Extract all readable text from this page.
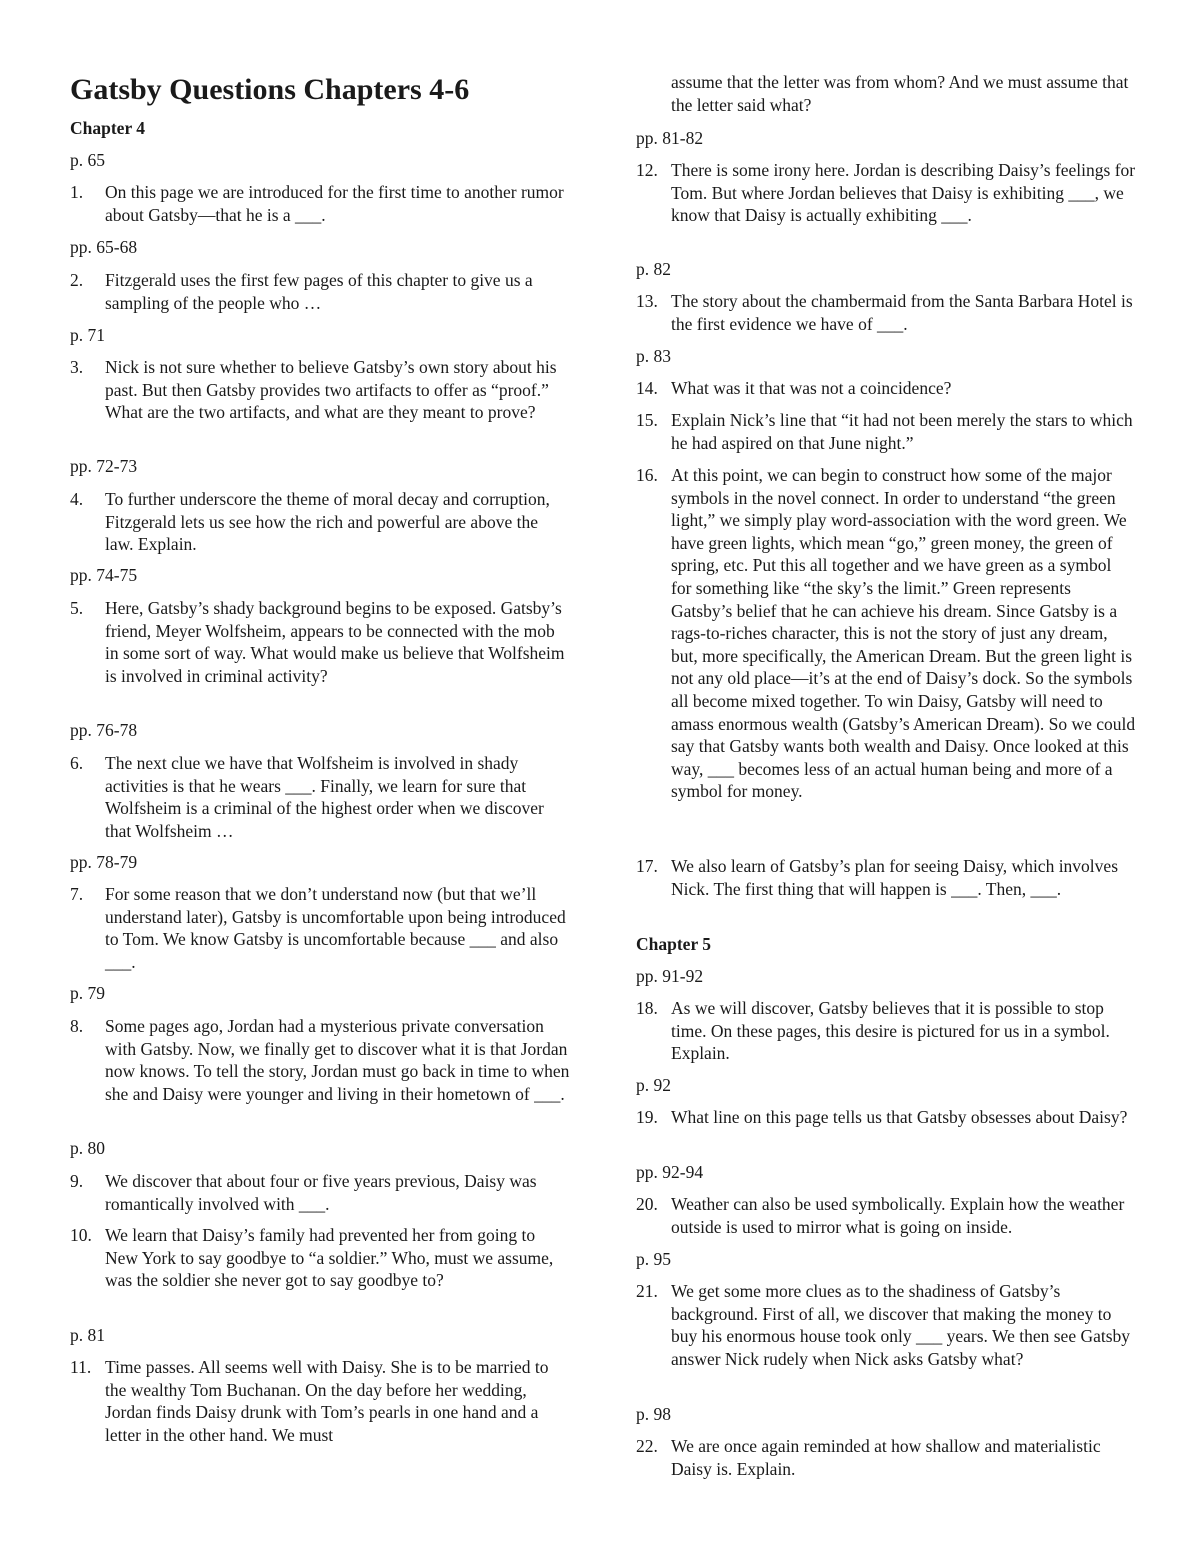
Gatsby Questions Chapters 4-6
Chapter 4
p. 65
1. On this page we are introduced for the first time to another rumor about Gatsby—that he is a ___.
pp. 65-68
2. Fitzgerald uses the first few pages of this chapter to give us a sampling of the people who …
p. 71
3. Nick is not sure whether to believe Gatsby’s own story about his past. But then Gatsby provides two artifacts to offer as “proof.” What are the two artifacts, and what are they meant to prove?
pp. 72-73
4. To further underscore the theme of moral decay and corruption, Fitzgerald lets us see how the rich and powerful are above the law. Explain.
pp. 74-75
5. Here, Gatsby’s shady background begins to be exposed. Gatsby’s friend, Meyer Wolfsheim, appears to be connected with the mob in some sort of way. What would make us believe that Wolfsheim is involved in criminal activity?
pp. 76-78
6. The next clue we have that Wolfsheim is involved in shady activities is that he wears ___. Finally, we learn for sure that Wolfsheim is a criminal of the highest order when we discover that Wolfsheim …
pp. 78-79
7. For some reason that we don’t understand now (but that we’ll understand later), Gatsby is uncomfortable upon being introduced to Tom. We know Gatsby is uncomfortable because ___ and also ___.
p. 79
8. Some pages ago, Jordan had a mysterious private conversation with Gatsby. Now, we finally get to discover what it is that Jordan now knows. To tell the story, Jordan must go back in time to when she and Daisy were younger and living in their hometown of ___.
p. 80
9. We discover that about four or five years previous, Daisy was romantically involved with ___.
10. We learn that Daisy’s family had prevented her from going to New York to say goodbye to “a soldier.” Who, must we assume, was the soldier she never got to say goodbye to?
p. 81
11. Time passes. All seems well with Daisy. She is to be married to the wealthy Tom Buchanan. On the day before her wedding, Jordan finds Daisy drunk with Tom’s pearls in one hand and a letter in the other hand. We must
assume that the letter was from whom? And we must assume that the letter said what?
pp. 81-82
12. There is some irony here. Jordan is describing Daisy’s feelings for Tom. But where Jordan believes that Daisy is exhibiting ___, we know that Daisy is actually exhibiting ___.
p. 82
13. The story about the chambermaid from the Santa Barbara Hotel is the first evidence we have of ___.
p. 83
14. What was it that was not a coincidence?
15. Explain Nick’s line that “it had not been merely the stars to which he had aspired on that June night.”
16. At this point, we can begin to construct how some of the major symbols in the novel connect. In order to understand “the green light,” we simply play word-association with the word green. We have green lights, which mean “go,” green money, the green of spring, etc. Put this all together and we have green as a symbol for something like “the sky’s the limit.” Green represents Gatsby’s belief that he can achieve his dream. Since Gatsby is a rags-to-riches character, this is not the story of just any dream, but, more specifically, the American Dream. But the green light is not any old place—it’s at the end of Daisy’s dock. So the symbols all become mixed together. To win Daisy, Gatsby will need to amass enormous wealth (Gatsby’s American Dream). So we could say that Gatsby wants both wealth and Daisy. Once looked at this way, ___ becomes less of an actual human being and more of a symbol for money.
17. We also learn of Gatsby’s plan for seeing Daisy, which involves Nick. The first thing that will happen is ___. Then, ___.
Chapter 5
pp. 91-92
18. As we will discover, Gatsby believes that it is possible to stop time. On these pages, this desire is pictured for us in a symbol. Explain.
p. 92
19. What line on this page tells us that Gatsby obsesses about Daisy?
pp. 92-94
20. Weather can also be used symbolically. Explain how the weather outside is used to mirror what is going on inside.
p. 95
21. We get some more clues as to the shadiness of Gatsby’s background. First of all, we discover that making the money to buy his enormous house took only ___ years. We then see Gatsby answer Nick rudely when Nick asks Gatsby what?
p. 98
22. We are once again reminded at how shallow and materialistic Daisy is. Explain.
